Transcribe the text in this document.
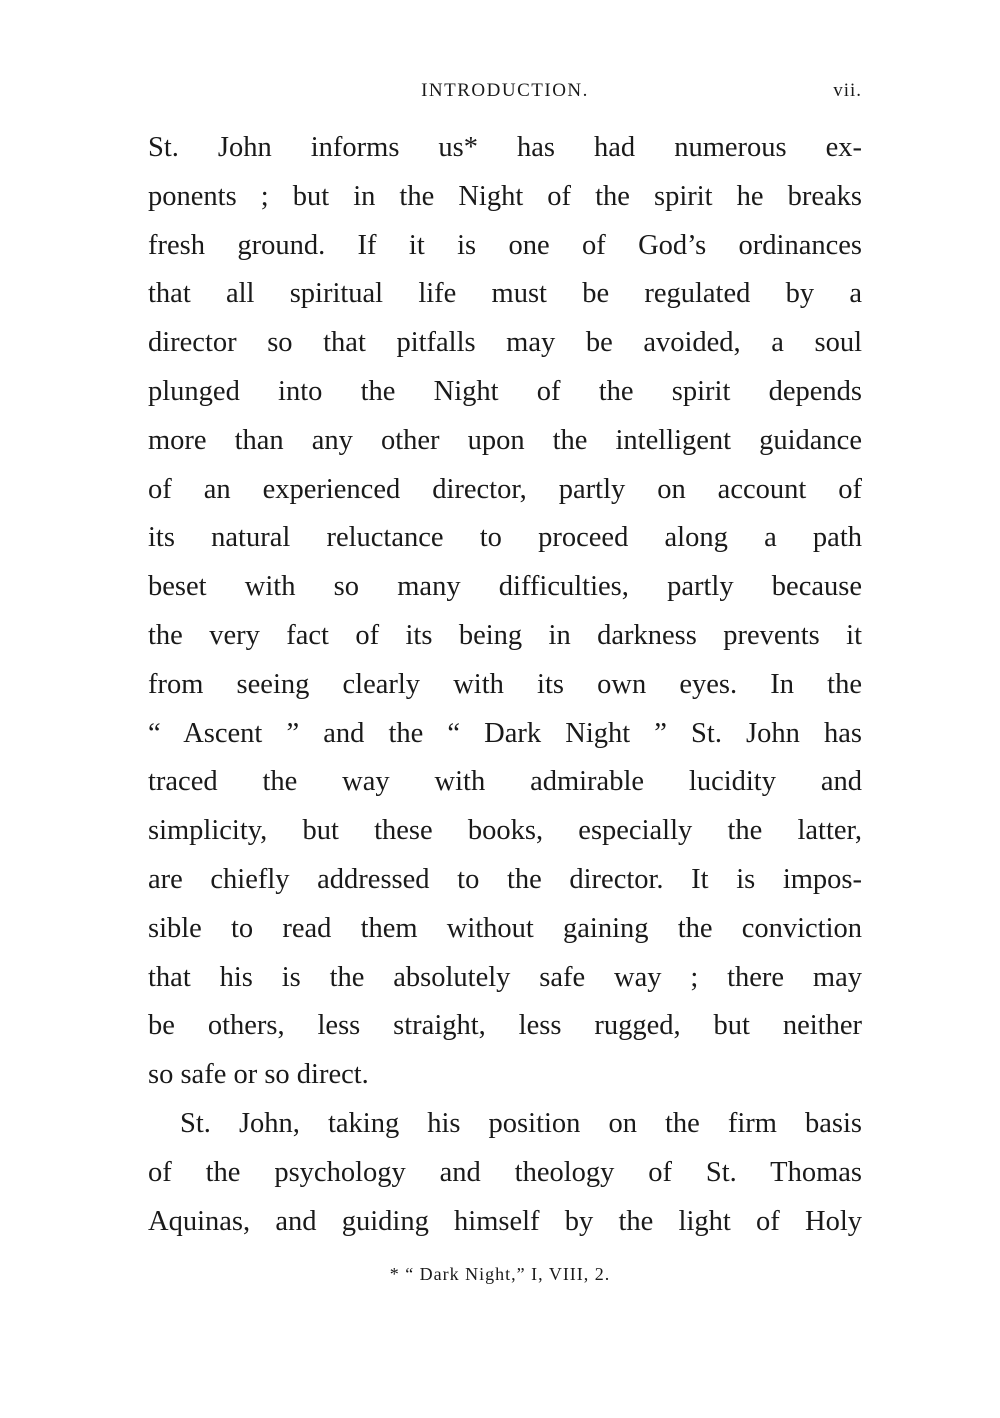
INTRODUCTION.	vii.
St. John informs us* has had numerous ex-
ponents ; but in the Night of the spirit he breaks
fresh ground. If it is one of God’s ordinances
that all spiritual life must be regulated by a
director so that pitfalls may be avoided, a soul
plunged into the Night of the spirit depends
more than any other upon the intelligent guidance
of an experienced director, partly on account of
its natural reluctance to proceed along a path
beset with so many difficulties, partly because
the very fact of its being in darkness prevents it
from seeing clearly with its own eyes. In the
“ Ascent ” and the “ Dark Night ” St. John has
traced the way with admirable lucidity and
simplicity, but these books, especially the latter,
are chiefly addressed to the director. It is impos-
sible to read them without gaining the conviction
that his is the absolutely safe way ; there may
be others, less straight, less rugged, but neither
so safe or so direct.
St. John, taking his position on the firm basis
of the psychology and theology of St. Thomas
Aquinas, and guiding himself by the light of Holy
* “ Dark Night,” I, VIII, 2.
